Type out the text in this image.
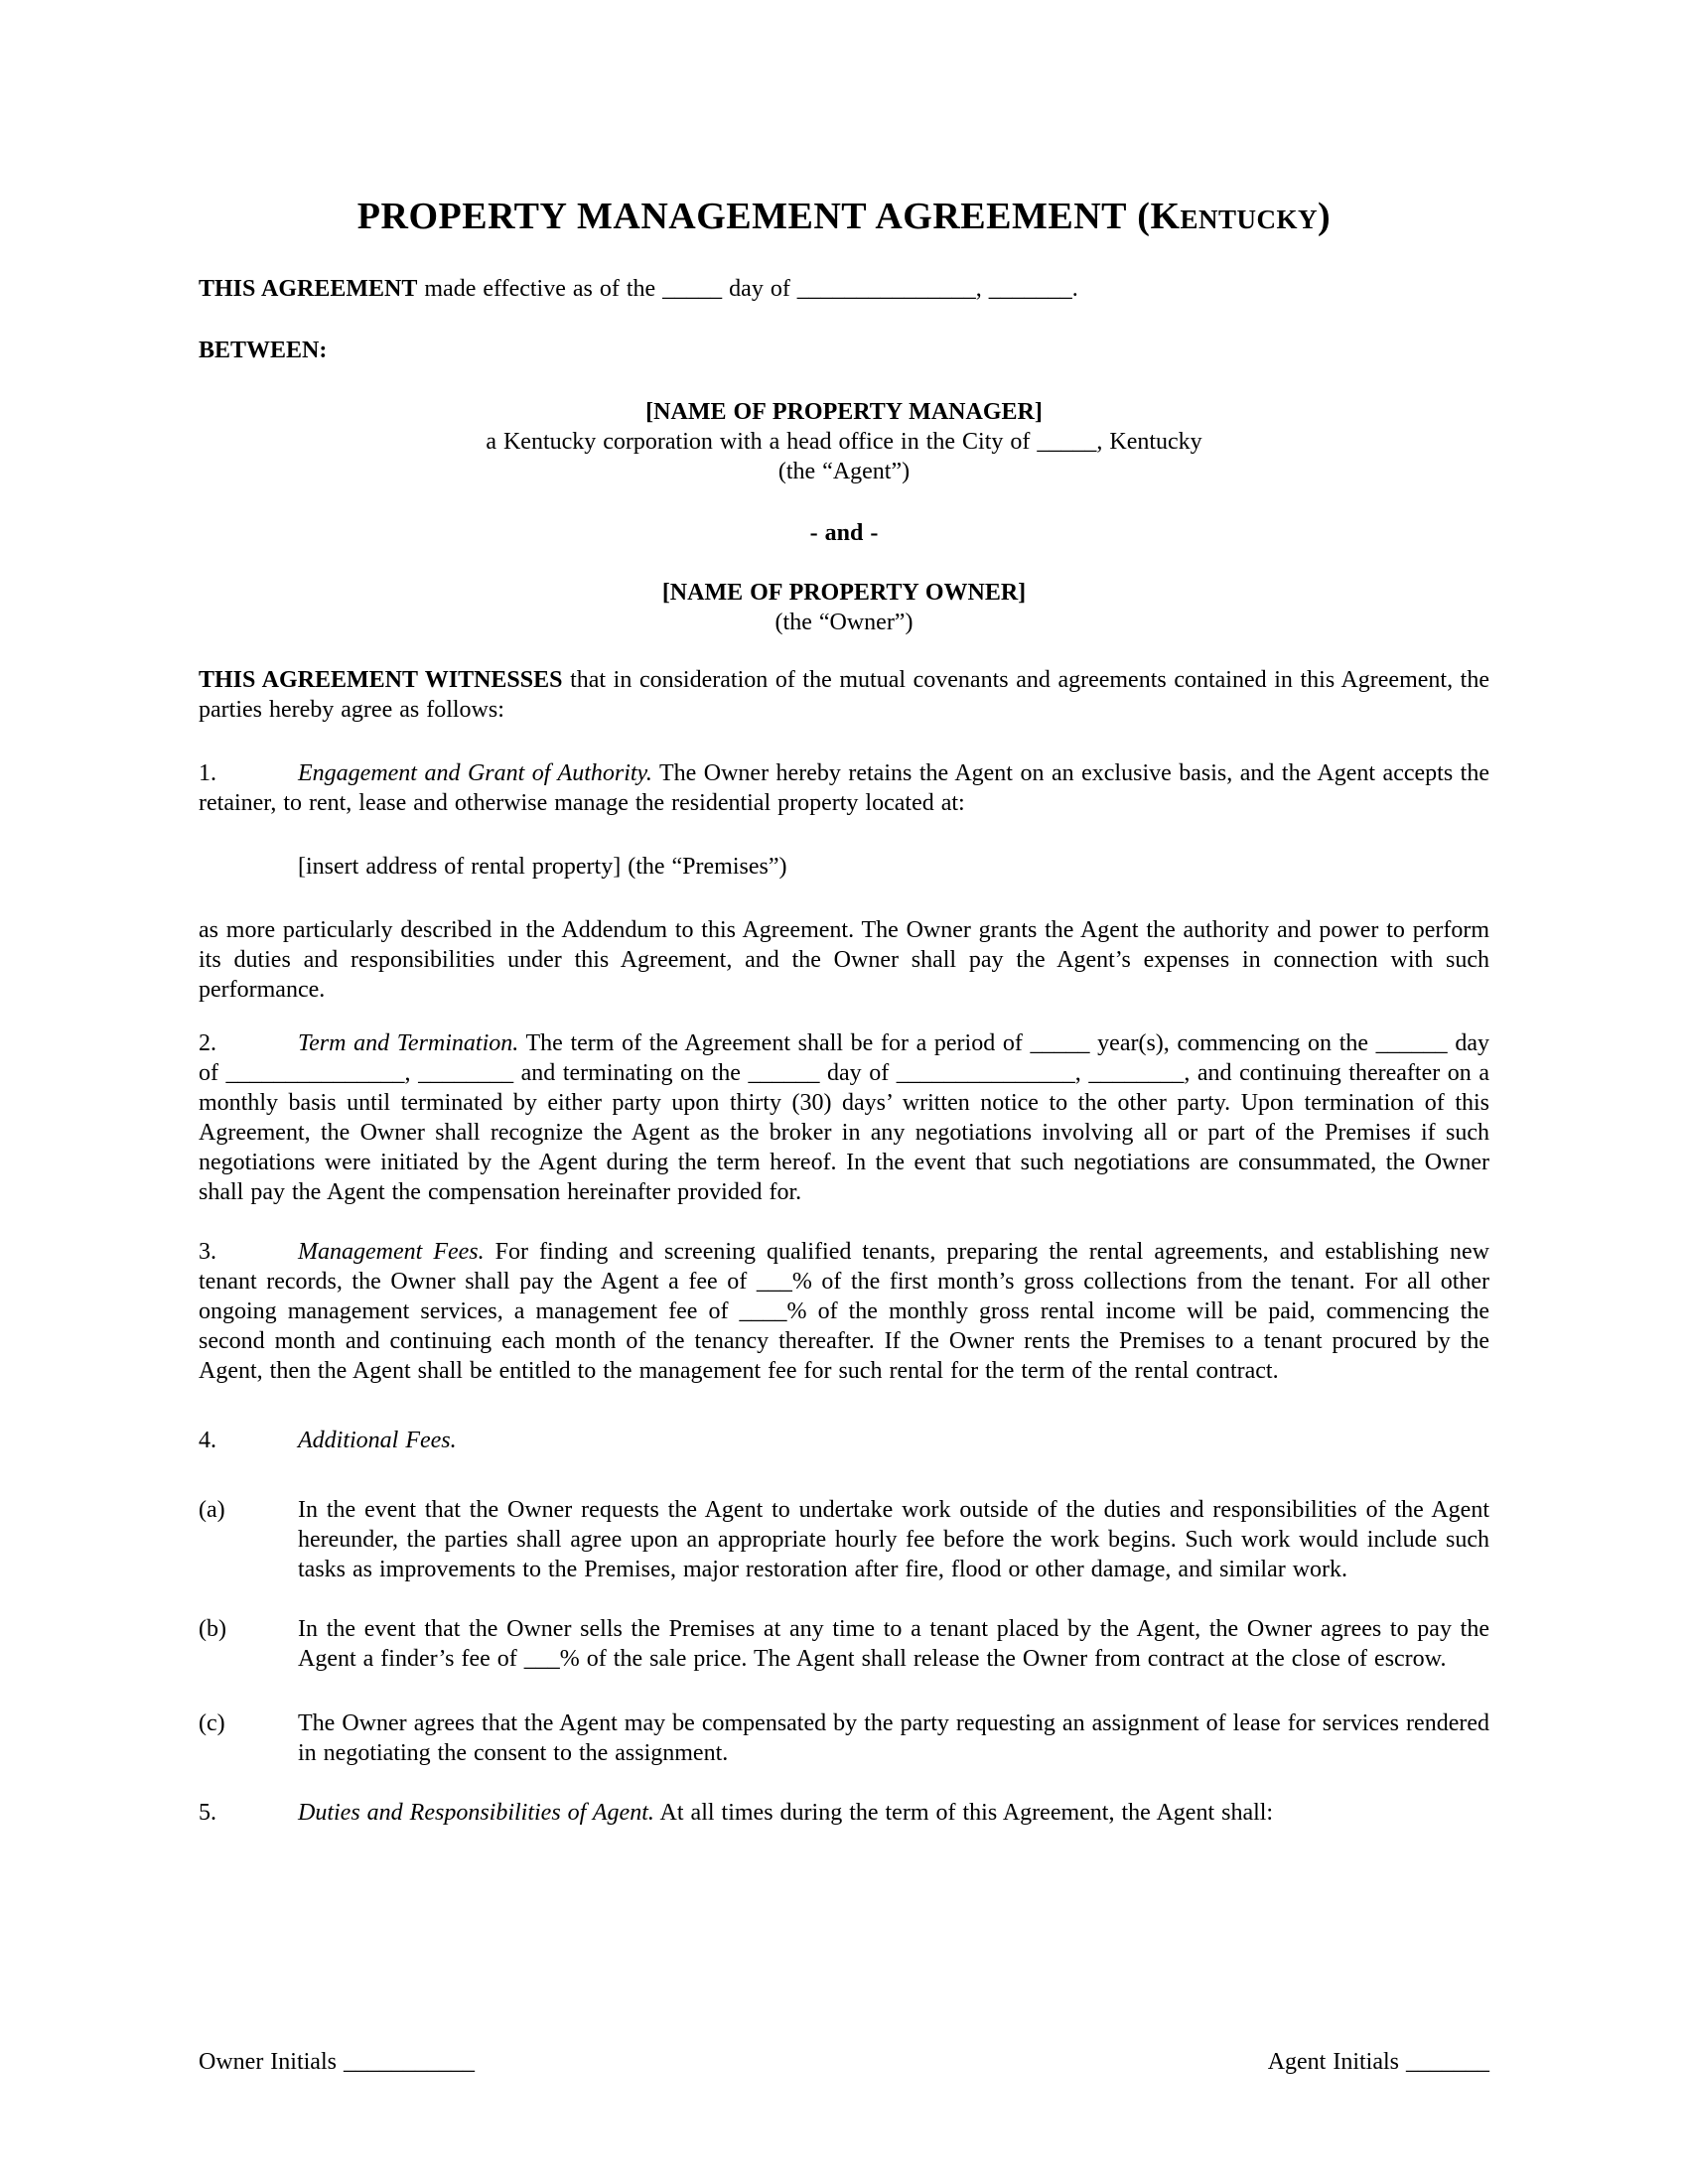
PROPERTY MANAGEMENT AGREEMENT (Kentucky)

THIS AGREEMENT made effective as of the _____ day of _______________, _______.

BETWEEN:

[NAME OF PROPERTY MANAGER]
a Kentucky corporation with a head office in the City of _____, Kentucky
(the “Agent”)
- and -
[NAME OF PROPERTY OWNER]
(the “Owner”)

THIS AGREEMENT WITNESSES that in consideration of the mutual covenants and agreements contained in this Agreement, the parties hereby agree as follows:

1.	Engagement and Grant of Authority. The Owner hereby retains the Agent on an exclusive basis, and the Agent accepts the retainer, to rent, lease and otherwise manage the residential property located at:

[insert address of rental property] (the “Premises”)

as more particularly described in the Addendum to this Agreement. The Owner grants the Agent the authority and power to perform its duties and responsibilities under this Agreement, and the Owner shall pay the Agent’s expenses in connection with such performance.

2.	Term and Termination. The term of the Agreement shall be for a period of _____ year(s), commencing on the ______ day of _______________, ________ and terminating on the ______ day of _______________, ________, and continuing thereafter on a monthly basis until terminated by either party upon thirty (30) days’ written notice to the other party. Upon termination of this Agreement, the Owner shall recognize the Agent as the broker in any negotiations involving all or part of the Premises if such negotiations were initiated by the Agent during the term hereof. In the event that such negotiations are consummated, the Owner shall pay the Agent the compensation hereinafter provided for.

3.	Management Fees. For finding and screening qualified tenants, preparing the rental agreements, and establishing new tenant records, the Owner shall pay the Agent a fee of ___% of the first month’s gross collections from the tenant. For all other ongoing management services, a management fee of ____% of the monthly gross rental income will be paid, commencing the second month and continuing each month of the tenancy thereafter. If the Owner rents the Premises to a tenant procured by the Agent, then the Agent shall be entitled to the management fee for such rental for the term of the rental contract.

4.	Additional Fees.

(a)	In the event that the Owner requests the Agent to undertake work outside of the duties and responsibilities of the Agent hereunder, the parties shall agree upon an appropriate hourly fee before the work begins. Such work would include such tasks as improvements to the Premises, major restoration after fire, flood or other damage, and similar work.
(b)	In the event that the Owner sells the Premises at any time to a tenant placed by the Agent, the Owner agrees to pay the Agent a finder’s fee of ___% of the sale price. The Agent shall release the Owner from contract at the close of escrow.
(c)	The Owner agrees that the Agent may be compensated by the party requesting an assignment of lease for services rendered in negotiating the consent to the assignment.

5.	Duties and Responsibilities of Agent. At all times during the term of this Agreement, the Agent shall:

Owner Initials ___________	Agent Initials _______
